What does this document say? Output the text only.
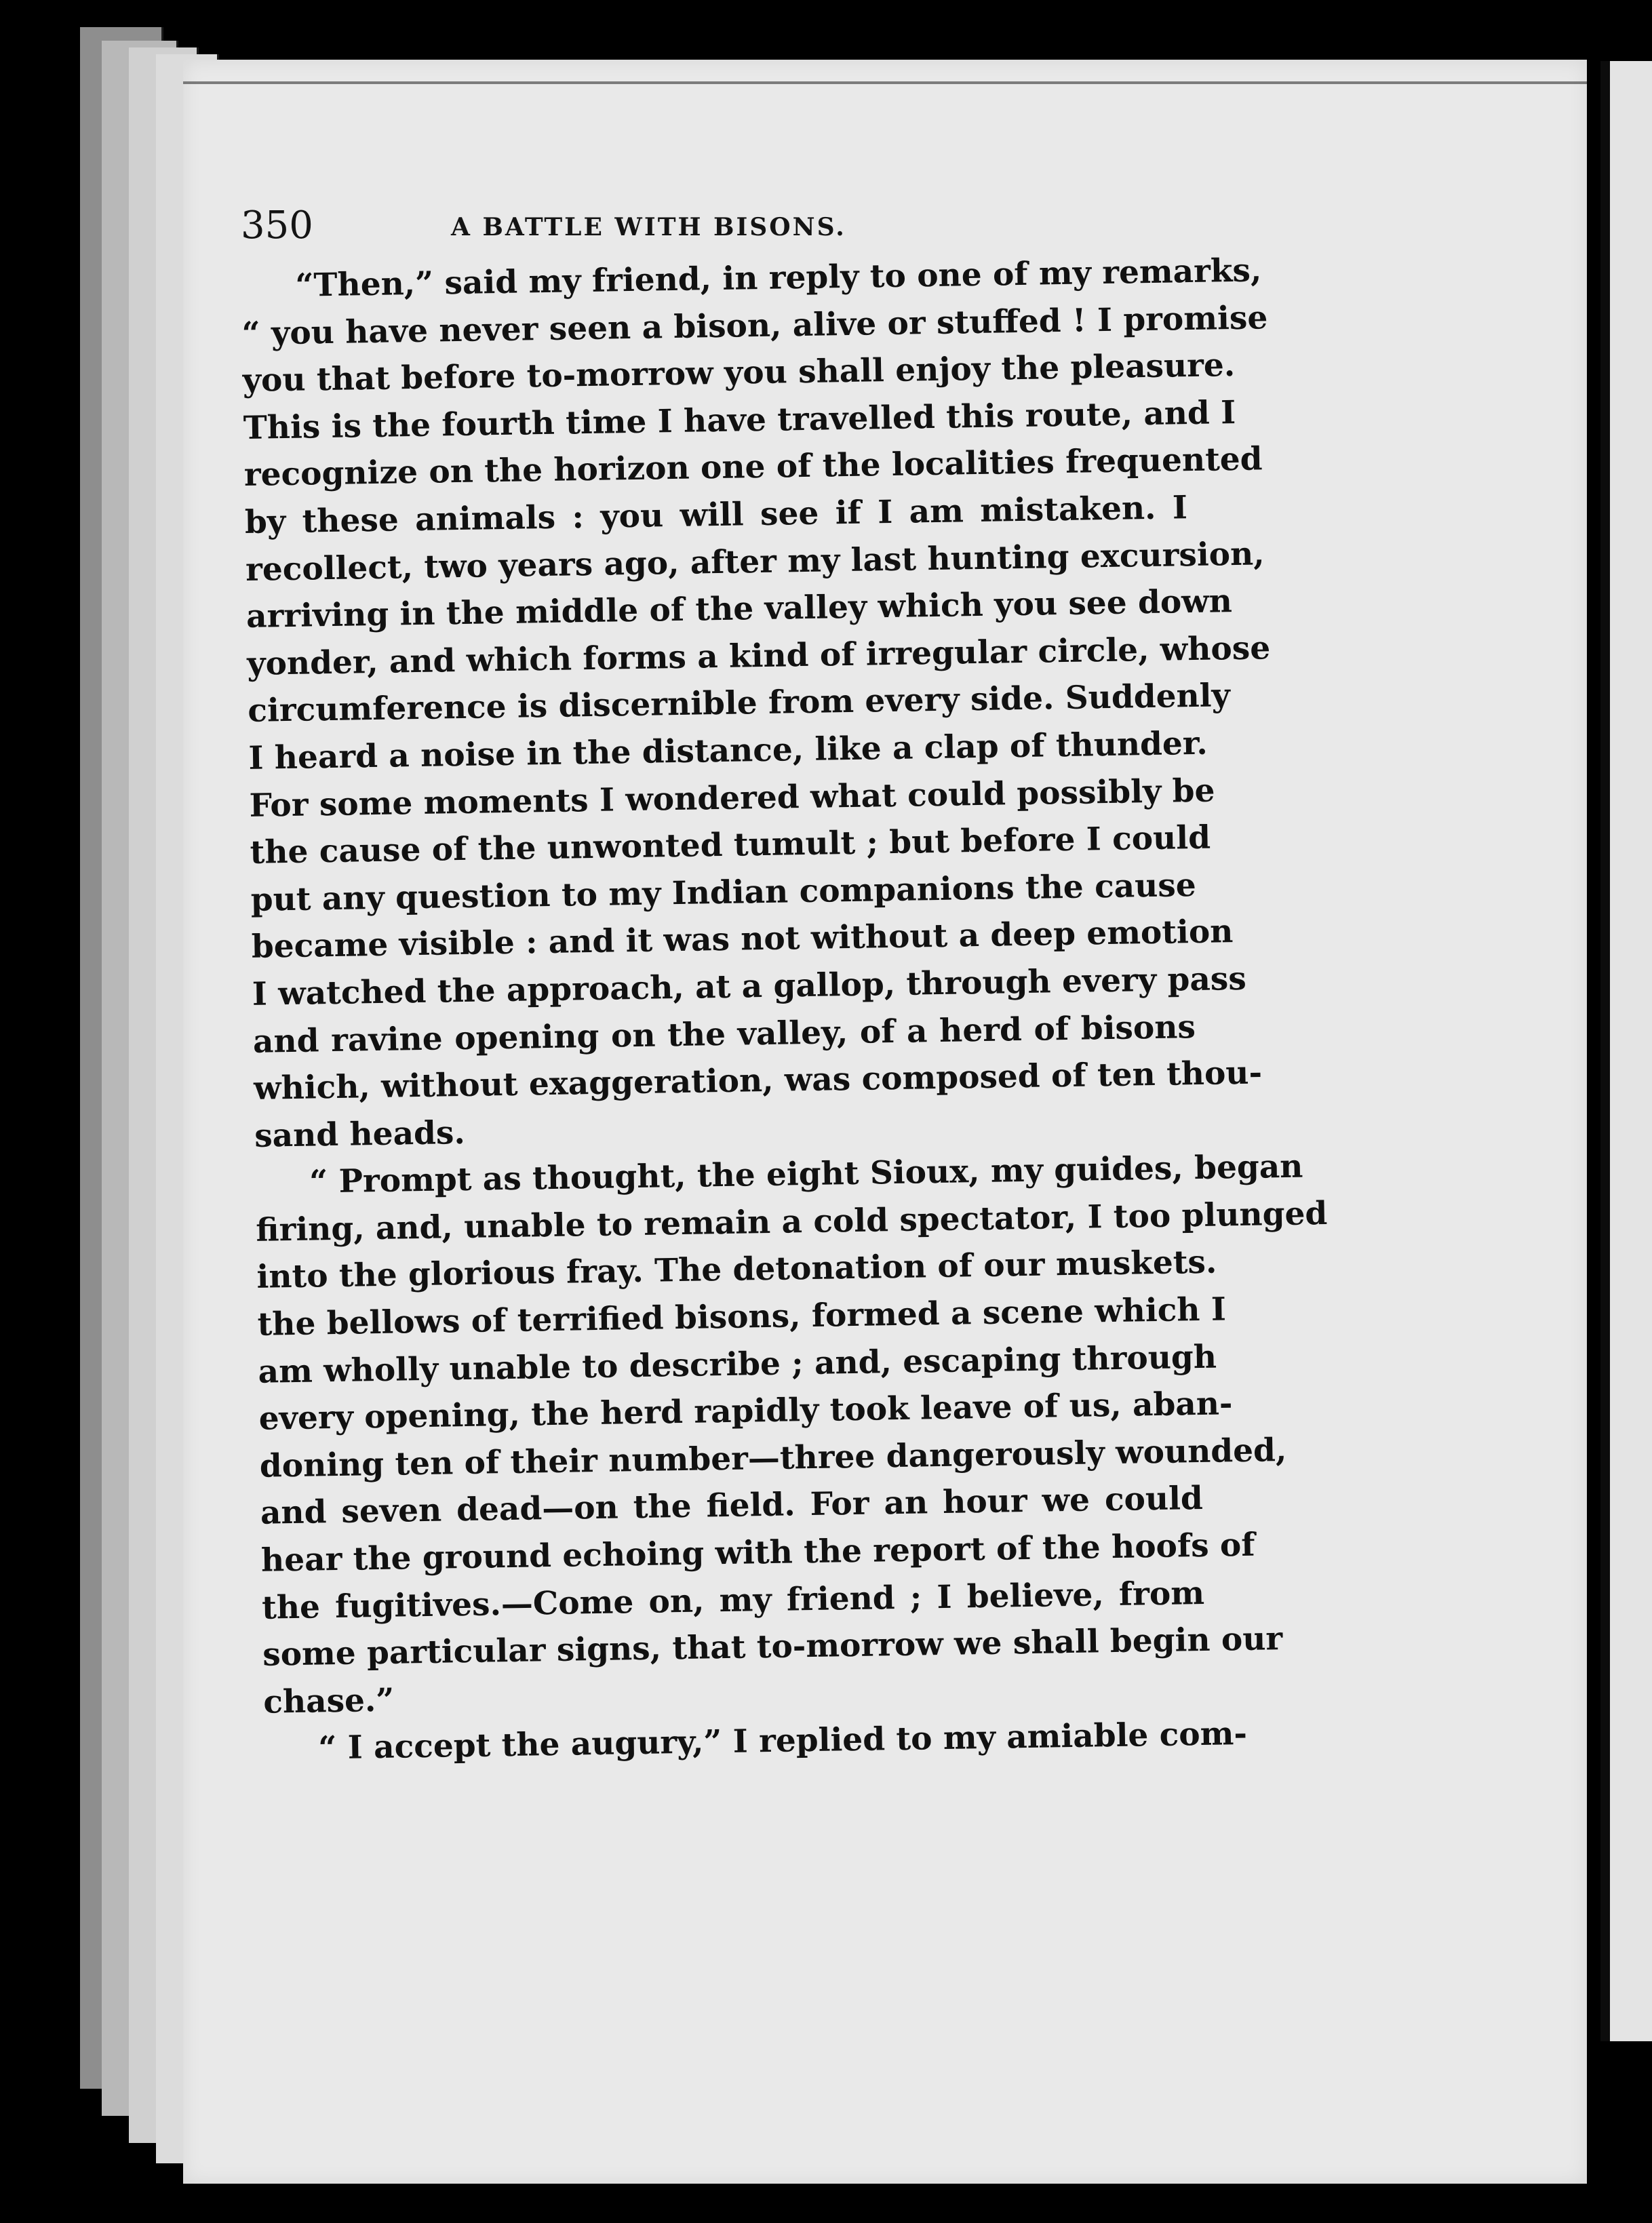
350	A BATTLE WITH BISONS.
“Then,” said my friend, in reply to one of my remarks,
“ you have never seen a bison, alive or stuffed ! I promise
you that before to-morrow you shall enjoy the pleasure.
This is the fourth time I have travelled this route, and I
recognize on the horizon one of the localities frequented
by these animals : you will see if I am mistaken. I
recollect, two years ago, after my last hunting excursion,
arriving in the middle of the valley which you see down
yonder, and which forms a kind of irregular circle, whose
circumference is discernible from every side. Suddenly
I heard a noise in the distance, like a clap of thunder.
For some moments I wondered what could possibly be
the cause of the unwonted tumult ; but before I could
put any question to my Indian companions the cause
became visible : and it was not without a deep emotion
I watched the approach, at a gallop, through every pass
and ravine opening on the valley, of a herd of bisons
which, without exaggeration, was composed of ten thou-
sand heads.
“ Prompt as thought, the eight Sioux, my guides, began
firing, and, unable to remain a cold spectator, I too plunged
into the glorious fray. The detonation of our muskets.
the bellows of terrified bisons, formed a scene which I
am wholly unable to describe ; and, escaping through
every opening, the herd rapidly took leave of us, aban-
doning ten of their number—three dangerously wounded,
and seven dead—on the field. For an hour we could
hear the ground echoing with the report of the hoofs of
the fugitives.—Come on, my friend ; I believe, from
some particular signs, that to-morrow we shall begin our
chase.”
“ I accept the augury,” I replied to my amiable com-
